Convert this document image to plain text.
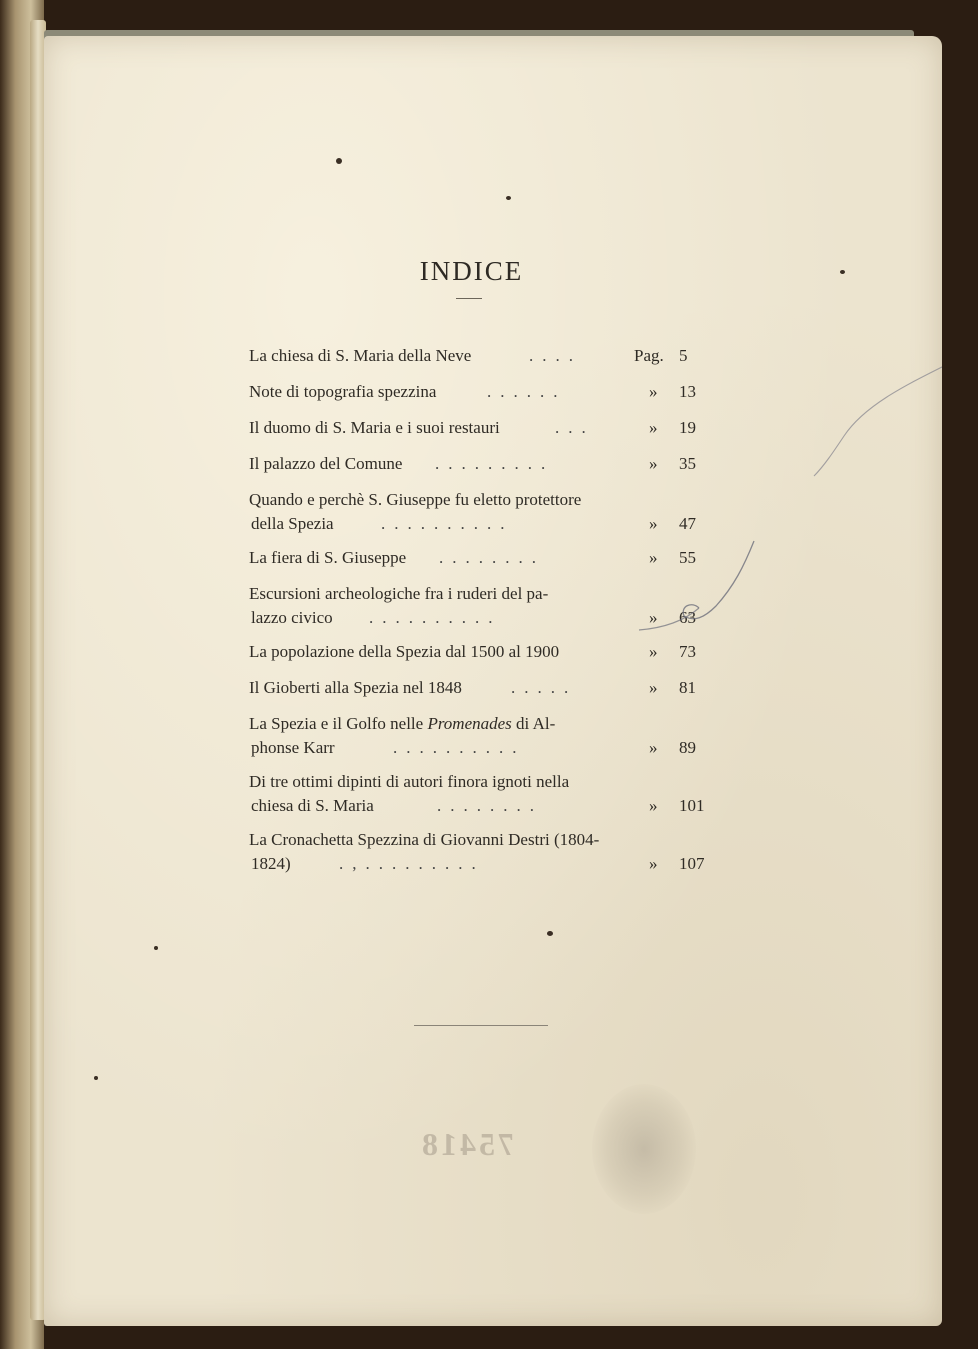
INDICE
La chiesa di S. Maria della Neve	....	Pag. 5
Note di topografia spezzina	......	» 13
Il duomo di S. Maria e i suoi restauri	...	» 19
Il palazzo del Comune .........	» 35
Quando e perchè S. Giuseppe fu eletto protettore
della Spezia	..........	» 47
La fiera di S. Giuseppe ........	» 55
Escursioni archeologiche fra i ruderi del pa-
lazzo civico ..........	» 63
La popolazione della Spezia dal 1500 al 1900	» 73
Il Gioberti alla Spezia nel 1848	.....	» 81
La Spezia e il Golfo nelle Promenades di Al-
phonse Karr	..........	» 89
Di tre ottimi dipinti di autori finora ignoti nella
chiesa di S. Maria	........	» 101
La Cronachetta Spezzina di Giovanni Destri (1804-
1824)	.,.........	» 107
75418
